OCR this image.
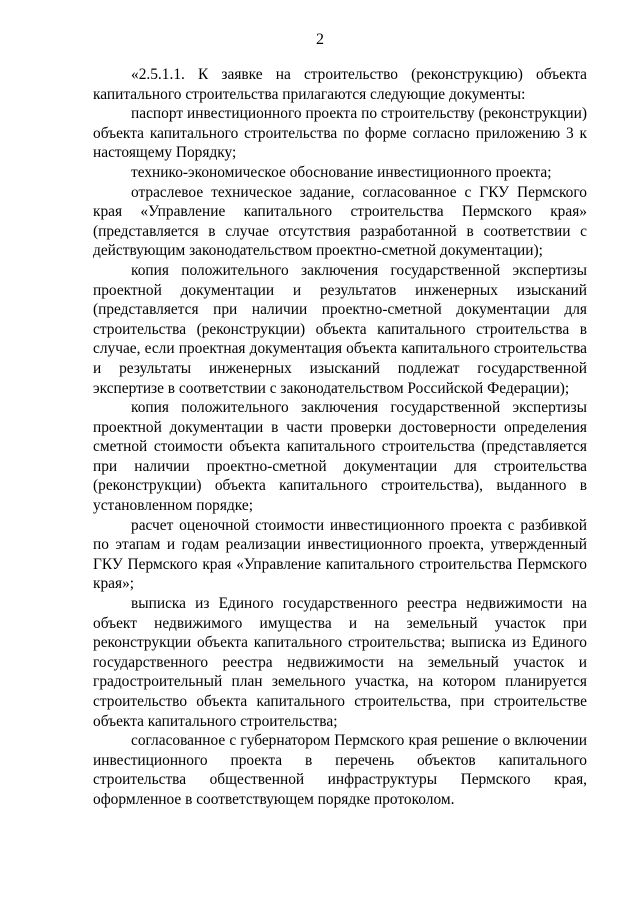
2

«2.5.1.1. К заявке на строительство (реконструкцию) объекта капитального строительства прилагаются следующие документы:

паспорт инвестиционного проекта по строительству (реконструкции) объекта капитального строительства по форме согласно приложению 3 к настоящему Порядку;

технико-экономическое обоснование инвестиционного проекта;

отраслевое техническое задание, согласованное с ГКУ Пермского края «Управление капитального строительства Пермского края» (представляется в случае отсутствия разработанной в соответствии с действующим законодательством проектно-сметной документации);

копия положительного заключения государственной экспертизы проектной документации и результатов инженерных изысканий (представляется при наличии проектно-сметной документации для строительства (реконструкции) объекта капитального строительства в случае, если проектная документация объекта капитального строительства и результаты инженерных изысканий подлежат государственной экспертизе в соответствии с законодательством Российской Федерации);

копия положительного заключения государственной экспертизы проектной документации в части проверки достоверности определения сметной стоимости объекта капитального строительства (представляется при наличии проектно-сметной документации для строительства (реконструкции) объекта капитального строительства), выданного в установленном порядке;

расчет оценочной стоимости инвестиционного проекта с разбивкой по этапам и годам реализации инвестиционного проекта, утвержденный ГКУ Пермского края «Управление капитального строительства Пермского края»;

выписка из Единого государственного реестра недвижимости на объект недвижимого имущества и на земельный участок при реконструкции объекта капитального строительства; выписка из Единого государственного реестра недвижимости на земельный участок и градостроительный план земельного участка, на котором планируется строительство объекта капитального строительства, при строительстве объекта капитального строительства;

согласованное с губернатором Пермского края решение о включении инвестиционного проекта в перечень объектов капитального строительства общественной инфраструктуры Пермского края, оформленное в соответствующем порядке протоколом.
